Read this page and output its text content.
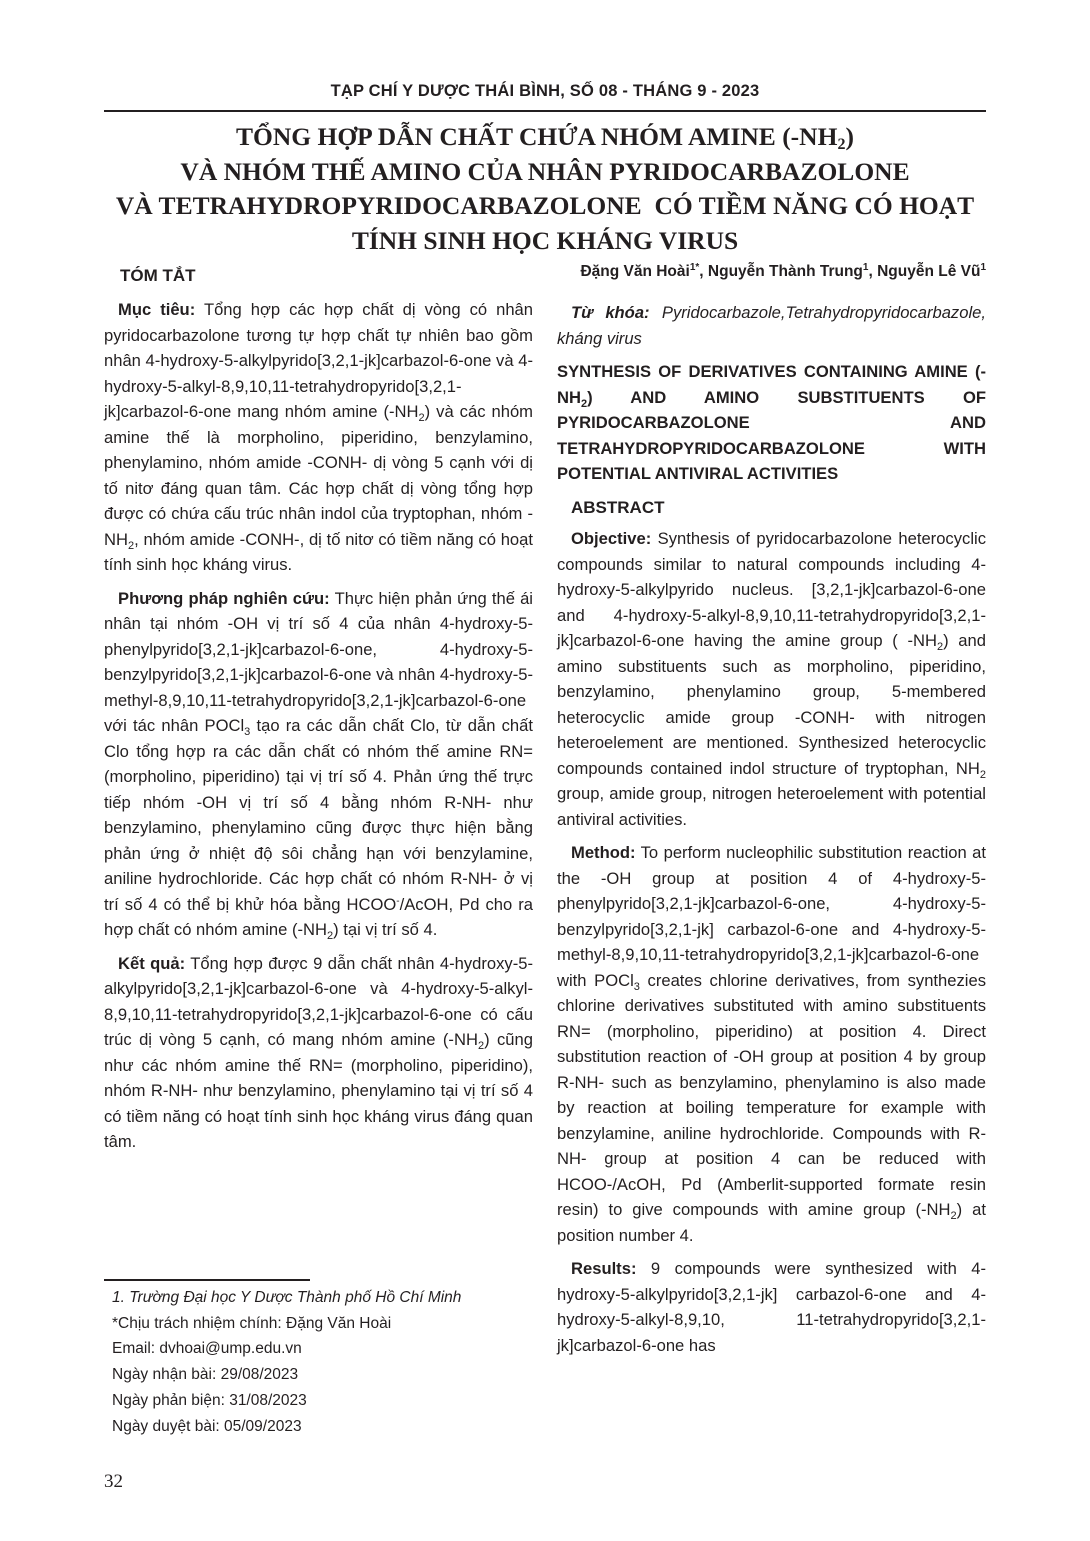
TẠP CHÍ Y DƯỢC THÁI BÌNH, SỐ 08 - THÁNG 9 - 2023
TỔNG HỢP DẪN CHẤT CHỨA NHÓM AMINE $(-NH_2)$
VÀ NHÓM THẾ AMINO CỦA NHÂN PYRIDOCARBAZOLONE
VÀ TETRAHYDROPYRIDOCARBAZOLONE  CÓ TIỀM NĂNG CÓ HOẠT
TÍNH SINH HỌC KHÁNG VIRUS
TÓM TẮT	Đặng Văn Hoài$^{1*}$, Nguyễn Thành Trung$^1$, Nguyễn Lê $Vũ^1$

Mục tiêu: Tổng hợp các hợp chất dị vòng có nhân pyridocarbazolone tương tự hợp chất tự nhiên bao gồm nhân 4-hydroxy-5-alkylpyrido[3,2,1-jk]carbazol-6-one và 4-hydroxy-5-alkyl-8,9,10,11-tetrahydropyrido[3,2,1-jk]carbazol-6-one mang nhóm amine $(-NH_2)$ và các nhóm amine thế là morpholino, piperidino, benzylamino, phenylamino, nhóm amide -CONH- dị vòng 5 cạnh với dị tố nitơ đáng quan tâm. Các hợp chất dị vòng tổng hợp được có chứa cấu trúc nhân indol của tryptophan, nhóm $-NH_2$, nhóm amide -CONH-, dị tố nitơ có tiềm năng có hoạt tính sinh học kháng virus.

Phương pháp nghiên cứu: Thực hiện phản ứng thế ái nhân tại nhóm -OH vị trí số 4 của nhân 4-hydroxy-5-phenylpyrido[3,2,1-jk]carbazol-6-one, 4-hydroxy-5-benzylpyrido[3,2,1-jk]carbazol-6-one và nhân 4-hydroxy-5-methyl-8,9,10,11-tetrahydropyrido[3,2,1-jk]carbazol-6-one với tác nhân POCl$_3$ tạo ra các dẫn chất Clo, từ dẫn chất Clo tổng hợp ra các dẫn chất có nhóm thế amine RN= (morpholino, piperidino) tại vị trí số 4. Phản ứng thế trực tiếp nhóm -OH vị trí số 4 bằng nhóm R-NH- như benzylamino, phenylamino cũng được thực hiện bằng phản ứng ở nhiệt độ sôi chẳng hạn với benzylamine, aniline hydrochloride. Các hợp chất có nhóm R-NH- ở vị trí số 4 có thể bị khử hóa bằng HCOO-/AcOH, Pd cho ra hợp chất có nhóm amine $(-NH_2)$ tại vị trí số 4.

Kết quả: Tổng hợp được 9 dẫn chất nhân 4-hydroxy-5-alkylpyrido[3,2,1-jk]carbazol-6-one và 4-hydroxy-5-alkyl-8,9,10,11-tetrahydropyrido[3,2,1-jk]carbazol-6-one có cấu trúc dị vòng 5 cạnh, có mang nhóm amine $(-NH_2)$ cũng như các nhóm amine thế RN= (morpholino, piperidino), nhóm R-NH- như benzylamino, phenylamino tại vị trí số 4 có tiềm năng có hoạt tính sinh học kháng virus đáng quan tâm.

1. Trường Đại học Y Dược Thành phố Hồ Chí Minh
*Chịu trách nhiệm chính: Đặng Văn Hoài
Email: dvhoai@ump.edu.vn
Ngày nhận bài: 29/08/2023
Ngày phản biện: 31/08/2023
Ngày duyệt bài: 05/09/2023

Từ khóa: Pyridocarbazole,Tetrahydropyridocarbazole, kháng virus

SYNTHESIS OF DERIVATIVES CONTAINING AMINE $(-NH_2)$ AND AMINO SUBSTITUENTS OF PYRIDOCARBAZOLONE AND TETRAHYDROPYRIDOCARBAZOLONE WITH POTENTIAL ANTIVIRAL ACTIVITIES
ABSTRACT

Objective: Synthesis of pyridocarbazolone heterocyclic compounds similar to natural compounds including 4-hydroxy-5-alkylpyrido nucleus. [3,2,1-jk]carbazol-6-one and 4-hydroxy-5-alkyl-8,9,10,11-tetrahydropyrido[3,2,1-jk]carbazol-6-one having the amine group ( $-NH_2$) and amino substituents such as morpholino, piperidino, benzylamino, phenylamino group, 5-membered heterocyclic amide group -CONH- with nitrogen heteroelement are mentioned. Synthesized heterocyclic compounds contained indol structure of tryptophan, $NH_2$ group, amide group, nitrogen heteroelement with potential antiviral activities.

Method: To perform nucleophilic substitution reaction at the -OH group at position 4 of 4-hydroxy-5-phenylpyrido[3,2,1-jk]carbazol-6-one, 4-hydroxy-5- benzylpyrido[3,2,1-jk] carbazol-6-one and 4-hydroxy-5-methyl-8,9,10,11-tetrahydropyrido[3,2,1-jk]carbazol-6-one with POCl$_3$ creates chlorine derivatives, from synthezies chlorine derivatives substituted with amino substituents RN= (morpholino, piperidino) at position 4. Direct substitution reaction of -OH group at position 4 by group R-NH- such as benzylamino, phenylamino is also made by reaction at boiling temperature for example with benzylamine, aniline hydrochloride. Compounds with R-NH- group at position 4 can be reduced with HCOO-/AcOH, Pd (Amberlit-supported formate resin resin) to give compounds with amine group $(-NH_2)$ at position number 4.

Results: 9 compounds were synthesized with 4-hydroxy-5-alkylpyrido[3,2,1-jk] carbazol-6-one and 4-hydroxy-5-alkyl-8,9,10, 11-tetrahydropyrido[3,2,1-jk]carbazol-6-one has

32
